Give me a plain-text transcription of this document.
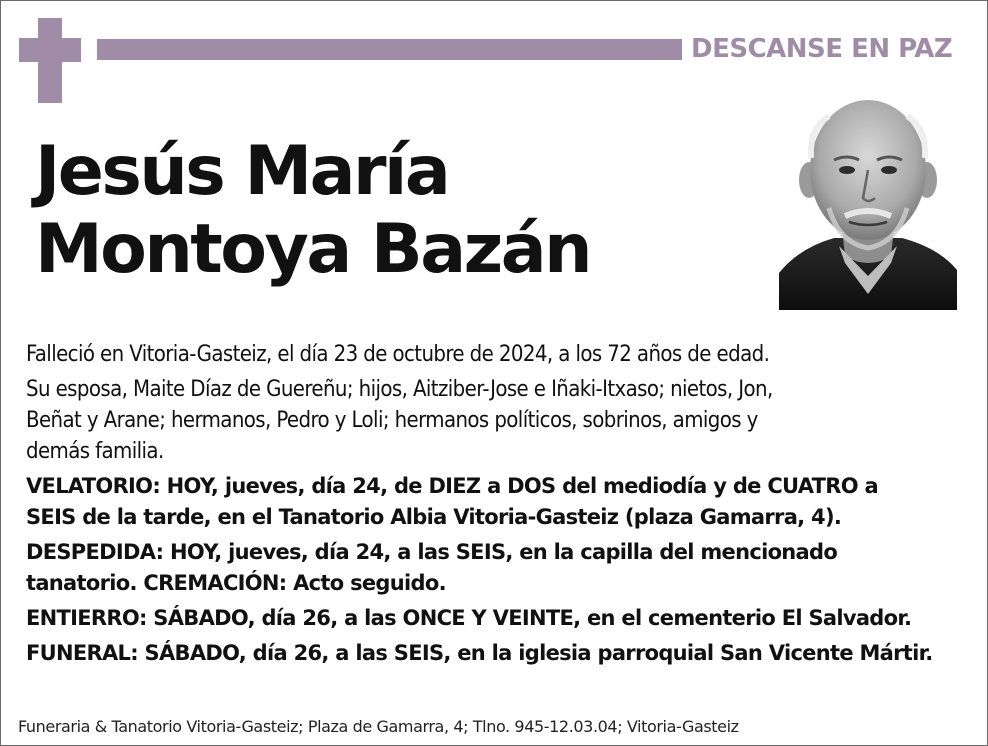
DESCANSE EN PAZ
Jesús María
Montoya Bazán

Falleció en Vitoria-Gasteiz, el día 23 de octubre de 2024, a los 72 años de edad.

Su esposa, Maite Díaz de Guereñu; hijos, Aitziber-Jose e Iñaki-Itxaso; nietos, Jon,
Beñat y Arane; hermanos, Pedro y Loli; hermanos políticos, sobrinos, amigos y
demás familia.

VELATORIO: HOY, jueves, día 24, de DIEZ a DOS del mediodía y de CUATRO a
SEIS de la tarde, en el Tanatorio Albia Vitoria-Gasteiz (plaza Gamarra, 4).

DESPEDIDA: HOY, jueves, día 24, a las SEIS, en la capilla del mencionado
tanatorio. CREMACIÓN: Acto seguido.

ENTIERRO: SÁBADO, día 26, a las ONCE Y VEINTE, en el cementerio El Salvador.

FUNERAL: SÁBADO, día 26, a las SEIS, en la iglesia parroquial San Vicente Mártir.

Funeraria & Tanatorio Vitoria-Gasteiz; Plaza de Gamarra, 4; Tlno. 945-12.03.04; Vitoria-Gasteiz
